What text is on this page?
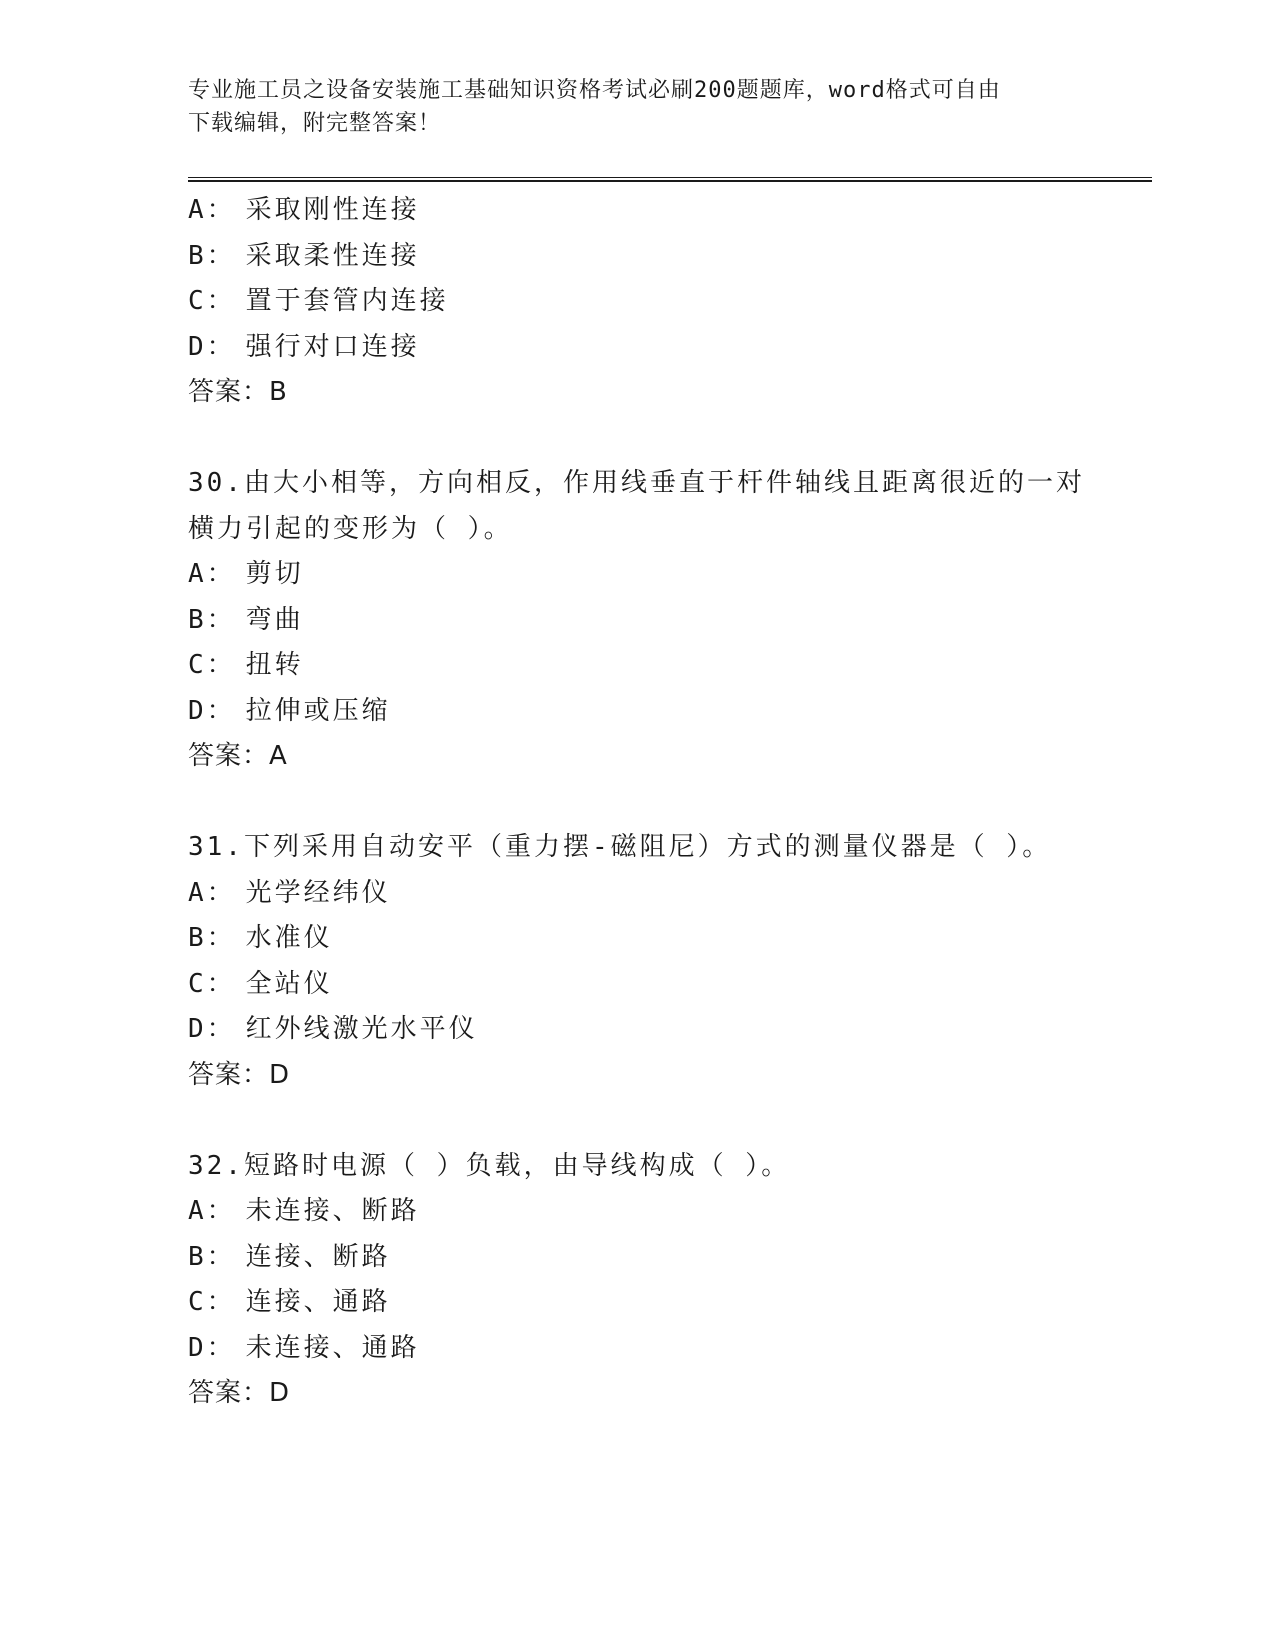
专业施工员之设备安装施工基础知识资格考试必刷200题题库，word格式可自由
下载编辑，附完整答案！
A： 采取刚性连接
B： 采取柔性连接
C： 置于套管内连接
D： 强行对口连接
答案：B
30.由大小相等，方向相反，作用线垂直于杆件轴线且距离很近的一对
横力引起的变形为（ ）。
A： 剪切
B： 弯曲
C： 扭转
D： 拉伸或压缩
答案：A
31.下列采用自动安平（重力摆-磁阻尼）方式的测量仪器是（ ）。
A： 光学经纬仪
B： 水准仪
C： 全站仪
D： 红外线激光水平仪
答案：D
32.短路时电源（ ）负载，由导线构成（ ）。
A： 未连接、断路
B： 连接、断路
C： 连接、通路
D： 未连接、通路
答案：D
